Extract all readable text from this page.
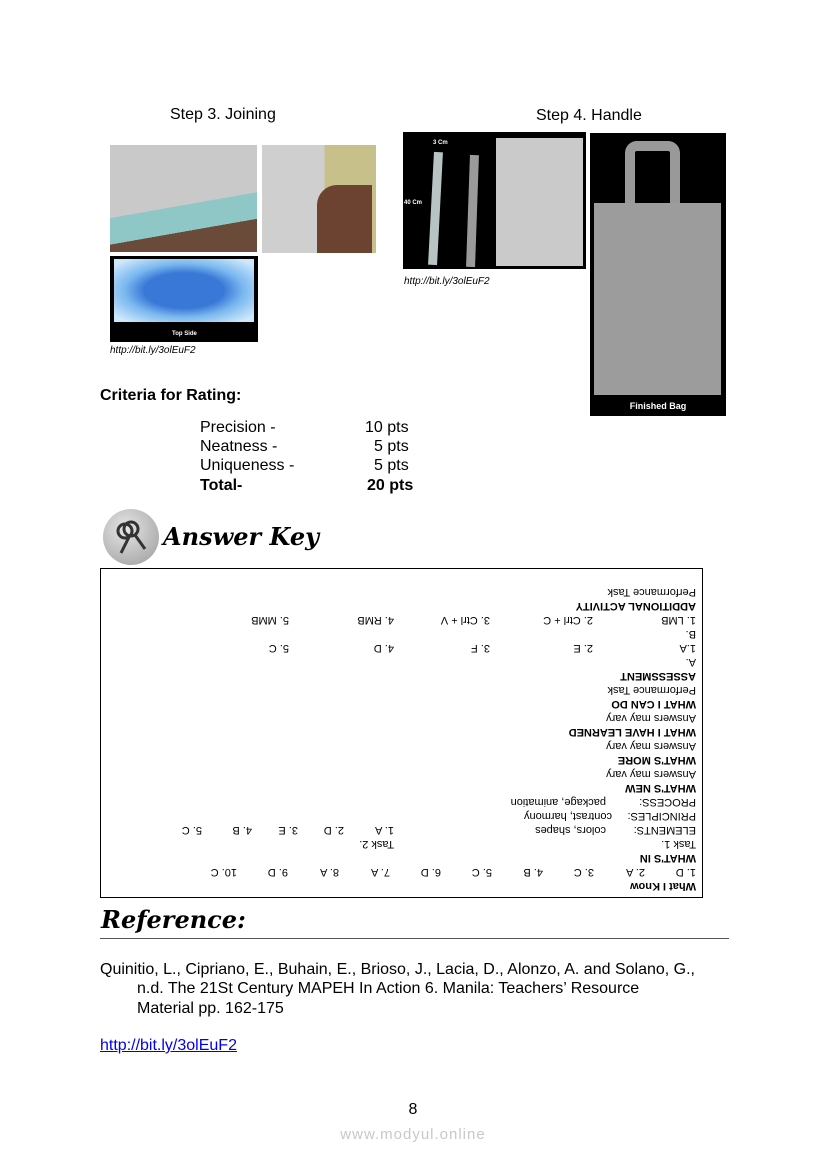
Step 3. Joining
Top Side
http://bit.ly/3olEuF2
Step 4. Handle
3 Cm
40 Cm
http://bit.ly/3olEuF2
Finished Bag
Criteria for Rating:
Precision -	10 pts
Neatness -	5 pts
Uniqueness -	5 pts
Total-	20 pts
Answer Key
What I Know
1. D
2. A
3. C
4. B
5. C
6. D
7. A
8. A
9. D
10. C
WHAT'S IN
Task 1.
Task 2.
ELEMENTS:
colors, shapes
1. A
2. D
3. E
4. B
5. C
PRINCIPLES:
contrast, harmony
PROCESS:
package, animation
WHAT'S NEW
Answers may vary
WHAT'S MORE
Answers may vary
WHAT I HAVE LEARNED
Answers may vary
WHAT I CAN DO
Performance Task
ASSESSMENT
A.
1.A
2. E
3. F
4. D
5. C
B.
1. LMB
2. Ctrl + C
3. Ctrl + V
4. RMB
5. MMB
ADDITIONAL ACTIVITY
Performance Task
Reference:
Quinitio, L., Cipriano, E., Buhain, E., Brioso, J., Lacia, D., Alonzo, A. and Solano, G.,
n.d. The 21St Century MAPEH In Action 6. Manila: Teachers’ Resource
Material pp. 162-175
http://bit.ly/3olEuF2
8
www.modyul.online
